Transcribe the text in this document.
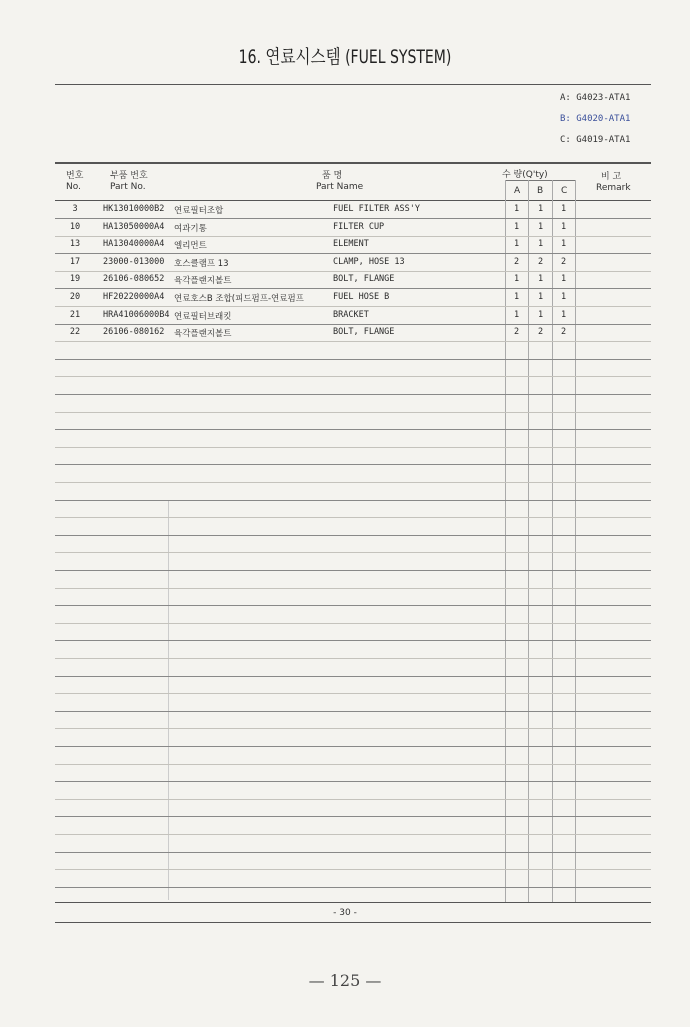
16. 연료시스템 (FUEL SYSTEM)
A: G4023-ATA1
B: G4020-ATA1
C: G4019-ATA1
번호
No.
부품 번호
Part No.
품 명
Part Name
수 량(Q'ty)
A B C
비 고
Remark
3	HK13010000B2 연료필터조합	FUEL FILTER ASS'Y	1 1 1
10	HA13050000A4 여과기통	FILTER CUP	1 1 1
13	HA13040000A4 엘리먼트	ELEMENT	1 1 1
17	23000-013000 호스클램프 13	CLAMP, HOSE 13	2 2 2
19	26106-080652 육각플랜지볼트	BOLT, FLANGE	1 1 1
20	HF20220000A4 연료호스B 조합(피드펌프-연료펌프	FUEL HOSE B	1 1 1
21	HRA41006000B4 연료필터브래킷	BRACKET	1 1 1
22	26106-080162 육각플랜지볼트	BOLT, FLANGE	2 2 2
- 30 -
— 125 —
